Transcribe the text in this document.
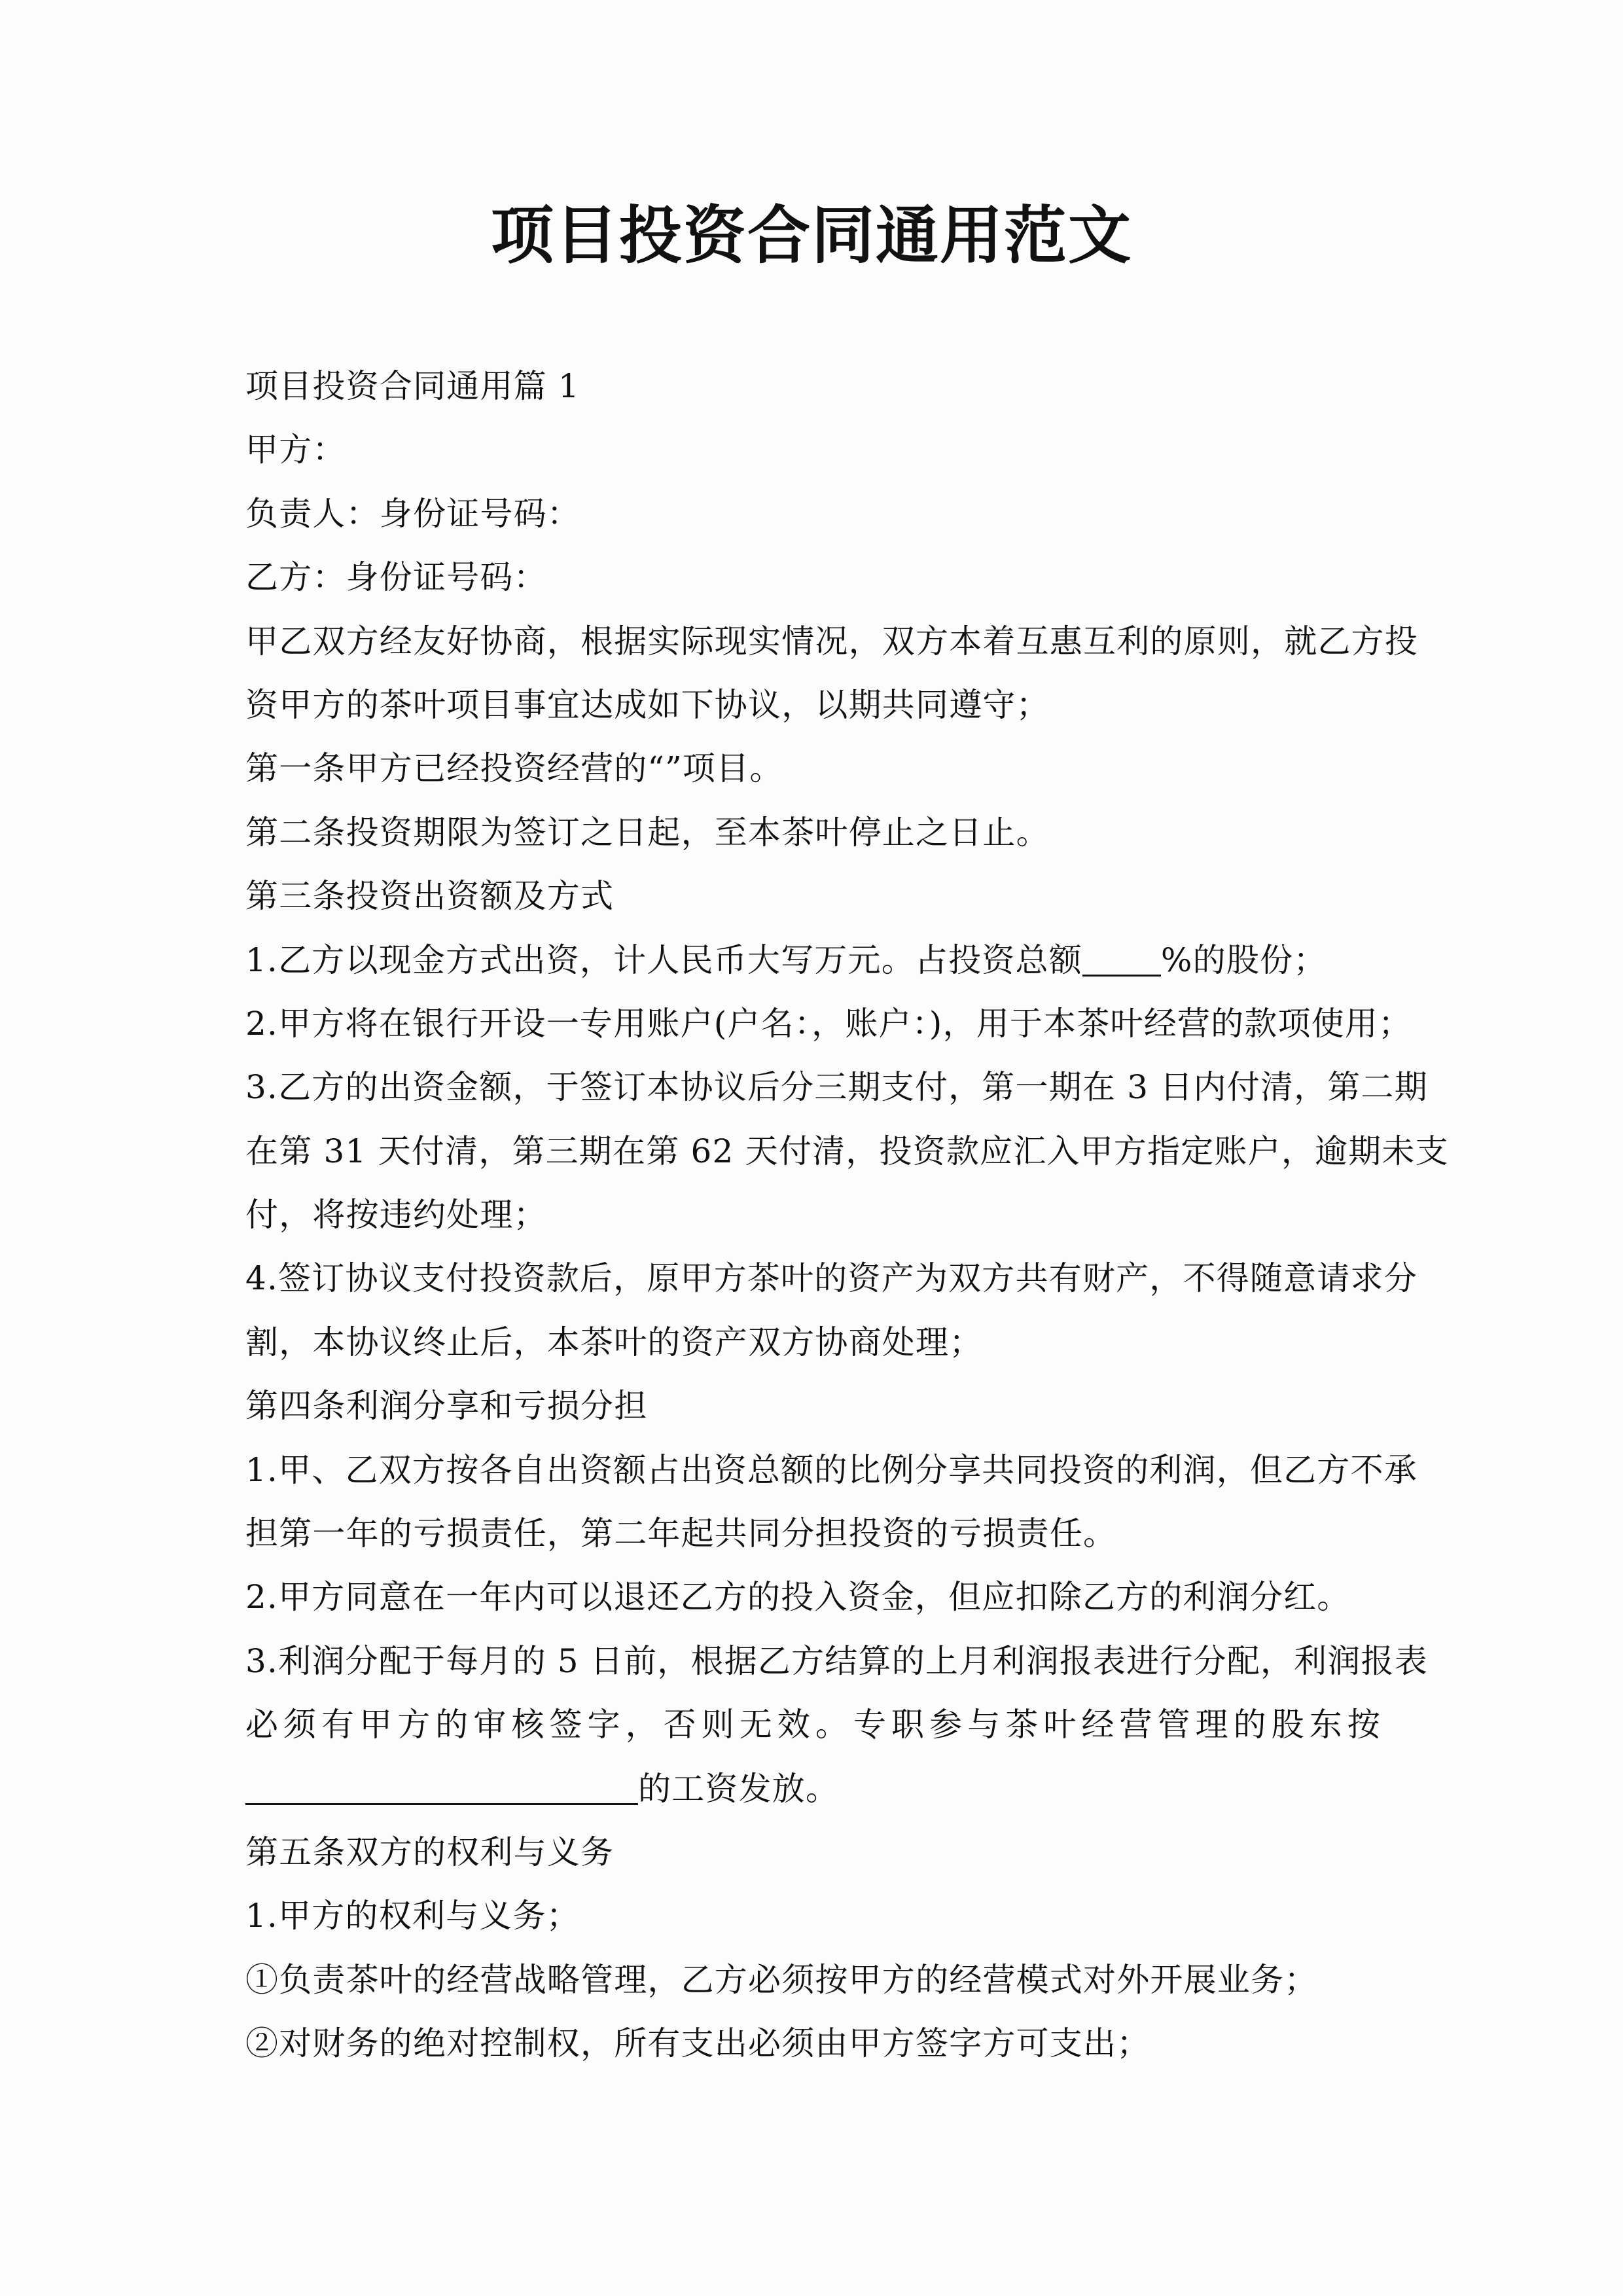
项目投资合同通用范文
项目投资合同通用篇 1
甲方：
负责人：身份证号码：
乙方：身份证号码：
甲乙双方经友好协商，根据实际现实情况，双方本着互惠互利的原则，就乙方投
资甲方的茶叶项目事宜达成如下协议，以期共同遵守；
第一条甲方已经投资经营的“”项目。
第二条投资期限为签订之日起，至本茶叶停止之日止。
第三条投资出资额及方式
1.乙方以现金方式出资，计人民币大写万元。占投资总额 %的股份；
2.甲方将在银行开设一专用账户(户名：，账户：)，用于本茶叶经营的款项使用；
3.乙方的出资金额，于签订本协议后分三期支付，第一期在 3 日内付清，第二期
在第 31 天付清，第三期在第 62 天付清，投资款应汇入甲方指定账户，逾期未支
付，将按违约处理；
4.签订协议支付投资款后，原甲方茶叶的资产为双方共有财产，不得随意请求分
割，本协议终止后，本茶叶的资产双方协商处理；
第四条利润分享和亏损分担
1.甲、乙双方按各自出资额占出资总额的比例分享共同投资的利润，但乙方不承
担第一年的亏损责任，第二年起共同分担投资的亏损责任。
2.甲方同意在一年内可以退还乙方的投入资金，但应扣除乙方的利润分红。
3.利润分配于每月的 5 日前，根据乙方结算的上月利润报表进行分配，利润报表
必须有甲方的审核签字，否则无效。专职参与茶叶经营管理的股东按
的工资发放。
第五条双方的权利与义务
1.甲方的权利与义务；
①负责茶叶的经营战略管理，乙方必须按甲方的经营模式对外开展业务；
②对财务的绝对控制权，所有支出必须由甲方签字方可支出；
